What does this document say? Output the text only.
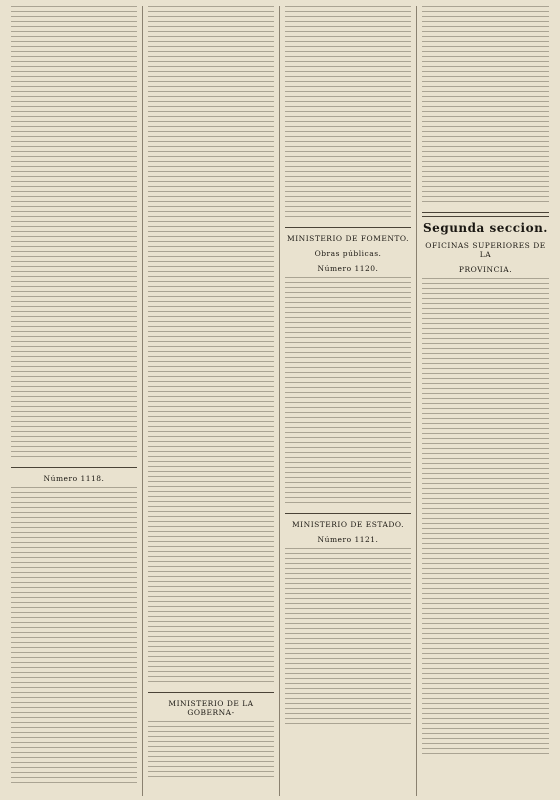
Número 1118.
MINISTERIO DE LA GOBERNA-
MINISTERIO DE FOMENTO.
Obras públicas.
Número 1120.
MINISTERIO DE ESTADO.
Número 1121.
Segunda seccion.
OFICINAS SUPERIORES DE LA
PROVINCIA.
